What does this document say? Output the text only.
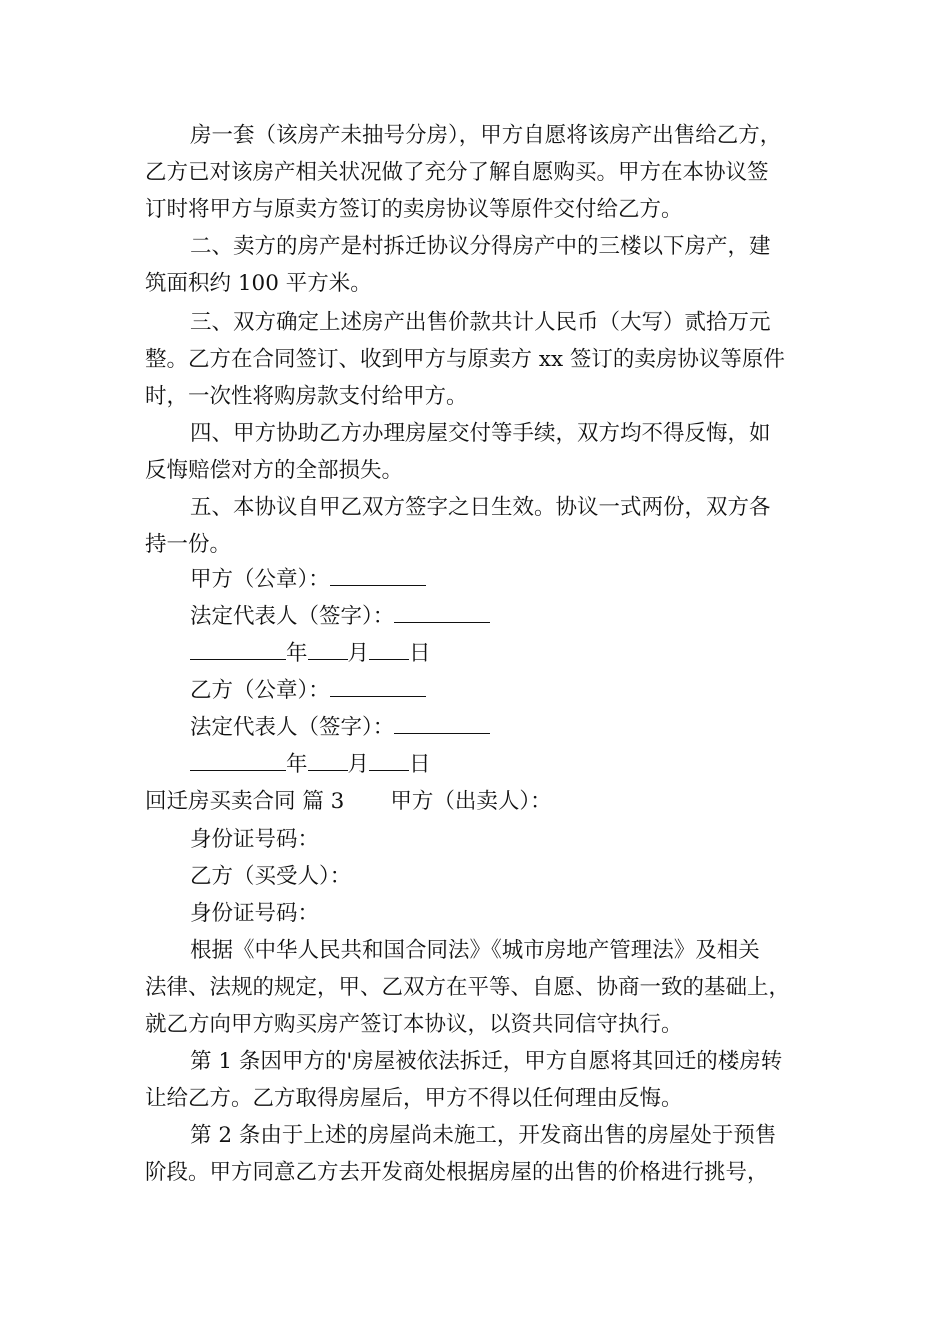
房一套（该房产未抽号分房），甲方自愿将该房产出售给乙方，
乙方已对该房产相关状况做了充分了解自愿购买。甲方在本协议签
订时将甲方与原卖方签订的卖房协议等原件交付给乙方。
二、卖方的房产是村拆迁协议分得房产中的三楼以下房产，建
筑面积约 100 平方米。
三、双方确定上述房产出售价款共计人民币（大写）贰拾万元
整。乙方在合同签订、收到甲方与原卖方 xx 签订的卖房协议等原件
时，一次性将购房款支付给甲方。
四、甲方协助乙方办理房屋交付等手续，双方均不得反悔，如
反悔赔偿对方的全部损失。
五、本协议自甲乙双方签字之日生效。协议一式两份，双方各
持一份。
甲方（公章）：
法定代表人（签字）：
年 月 日
乙方（公章）：
法定代表人（签字）：
年 月 日
回迁房买卖合同 篇 3 甲方（出卖人）：
身份证号码：
乙方（买受人）：
身份证号码：
根据《中华人民共和国合同法》《城市房地产管理法》及相关
法律、法规的规定，甲、乙双方在平等、自愿、协商一致的基础上，
就乙方向甲方购买房产签订本协议，以资共同信守执行。
第 1 条因甲方的'房屋被依法拆迁，甲方自愿将其回迁的楼房转
让给乙方。乙方取得房屋后，甲方不得以任何理由反悔。
第 2 条由于上述的房屋尚未施工，开发商出售的房屋处于预售
阶段。甲方同意乙方去开发商处根据房屋的出售的价格进行挑号，
